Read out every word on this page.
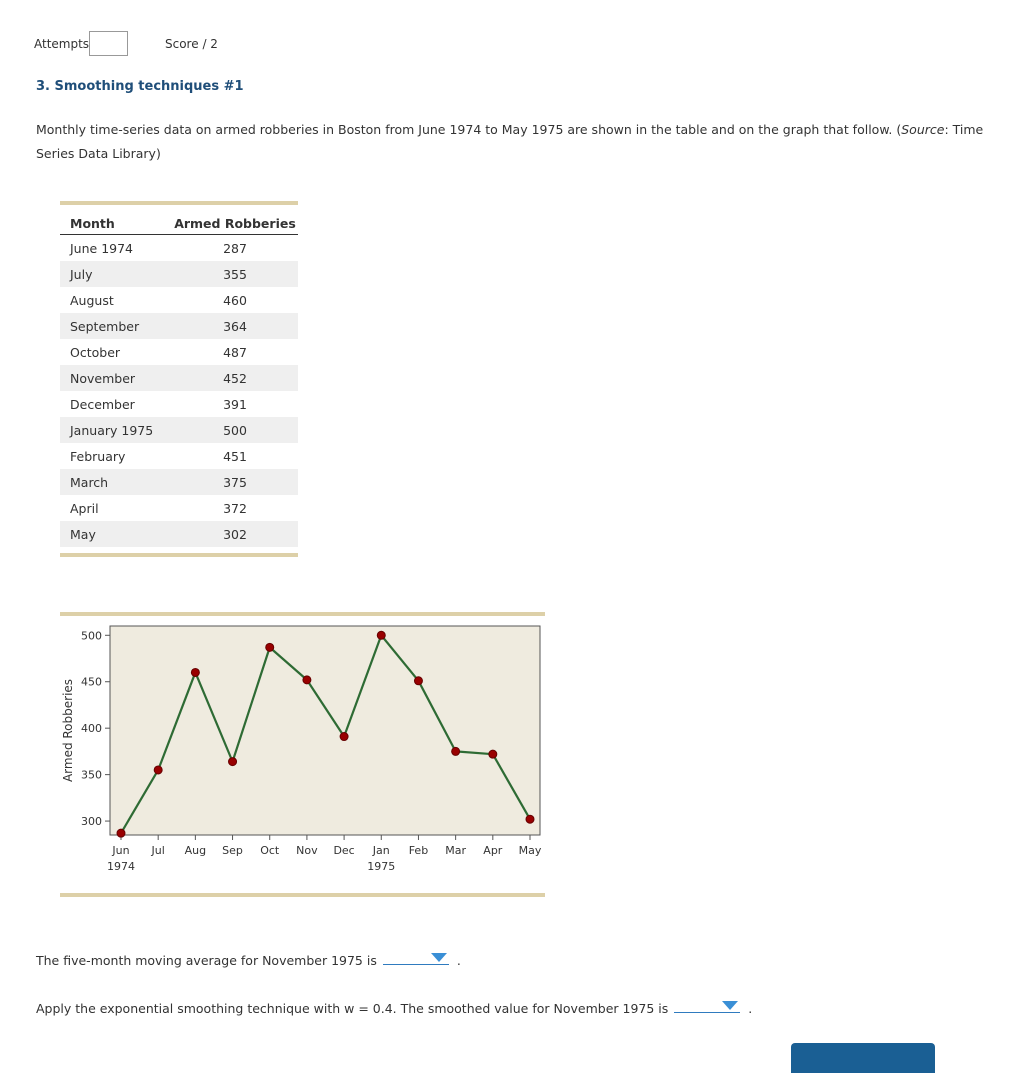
Attempts	Score / 2
3. Smoothing techniques #1
Monthly time-series data on armed robberies in Boston from June 1974 to May 1975 are shown in the table and on the graph that follow. (Source: Time Series Data Library)
Month	Armed Robberies
June 1974	287
July	355
August	460
September	364
October	487
November	452
December	391
January 1975	500
February	451
March	375
April	372
May	302
300
350
400
450
500
Armed Robberies
Jun
1974
Jul Aug Sep Oct Nov Dec Jan
1975
Feb Mar Apr May
The five-month moving average for November 1975 is	.
Apply the exponential smoothing technique with w = 0.4. The smoothed value for November 1975 is	.
